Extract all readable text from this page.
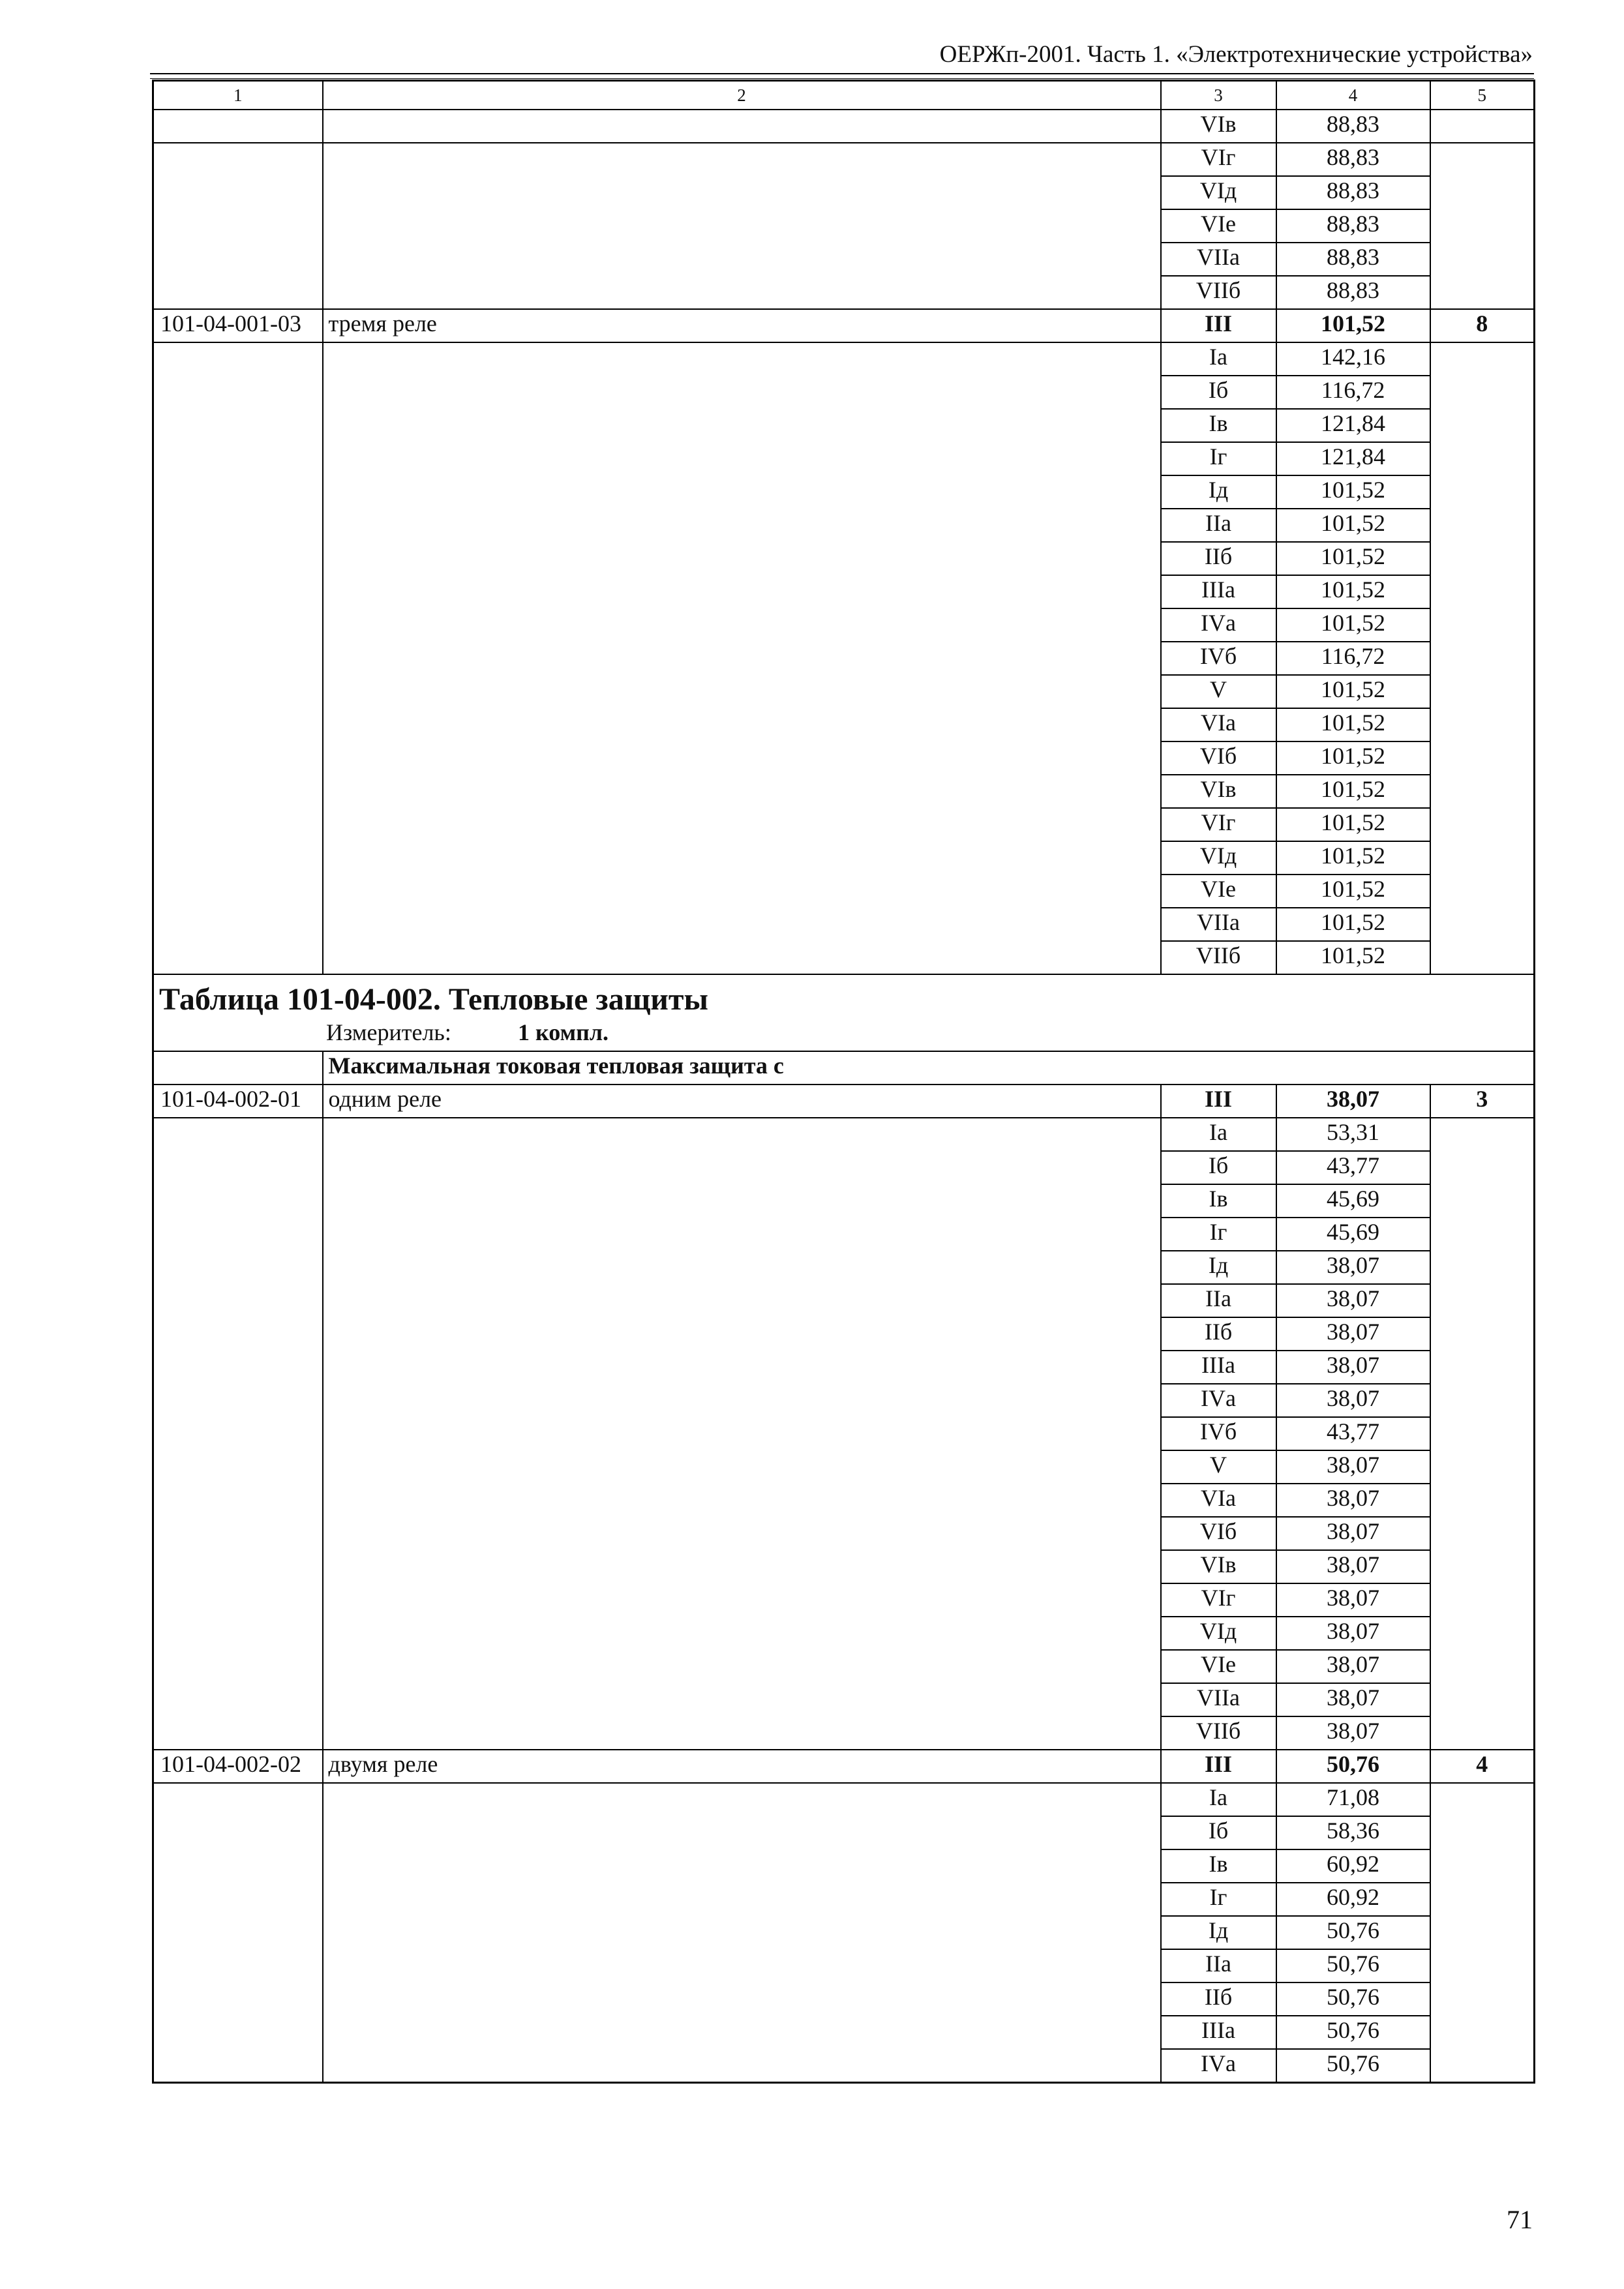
ОЕРЖп-2001. Часть 1. «Электротехнические устройства»
1	2	3	4	5
		VIв	88,83	
		VIг	88,83	
		VIд	88,83	
		VIе	88,83	
		VIIа	88,83	
		VIIб	88,83	
101-04-001-03	тремя реле	III	101,52	8
		Iа	142,16	
		Iб	116,72	
		Iв	121,84	
		Iг	121,84	
		Iд	101,52	
		IIа	101,52	
		IIб	101,52	
		IIIа	101,52	
		IVа	101,52	
		IVб	116,72	
		V	101,52	
		VIа	101,52	
		VIб	101,52	
		VIв	101,52	
		VIг	101,52	
		VIд	101,52	
		VIе	101,52	
		VIIа	101,52	
		VIIб	101,52	

Таблица 101-04-002. Тепловые защиты
Измеритель: 1 компл.				

	Максимальная токовая тепловая защита с			
101-04-002-01	одним реле	III	38,07	3
		Iа	53,31	
		Iб	43,77	
		Iв	45,69	
		Iг	45,69	
		Iд	38,07	
		IIа	38,07	
		IIб	38,07	
		IIIа	38,07	
		IVа	38,07	
		IVб	43,77	
		V	38,07	
		VIа	38,07	
		VIб	38,07	
		VIв	38,07	
		VIг	38,07	
		VIд	38,07	
		VIе	38,07	
		VIIа	38,07	
		VIIб	38,07	
101-04-002-02	двумя реле	III	50,76	4
		Iа	71,08	
		Iб	58,36	
		Iв	60,92	
		Iг	60,92	
		Iд	50,76	
		IIа	50,76	
		IIб	50,76	
		IIIа	50,76	
		IVа	50,76	
71
